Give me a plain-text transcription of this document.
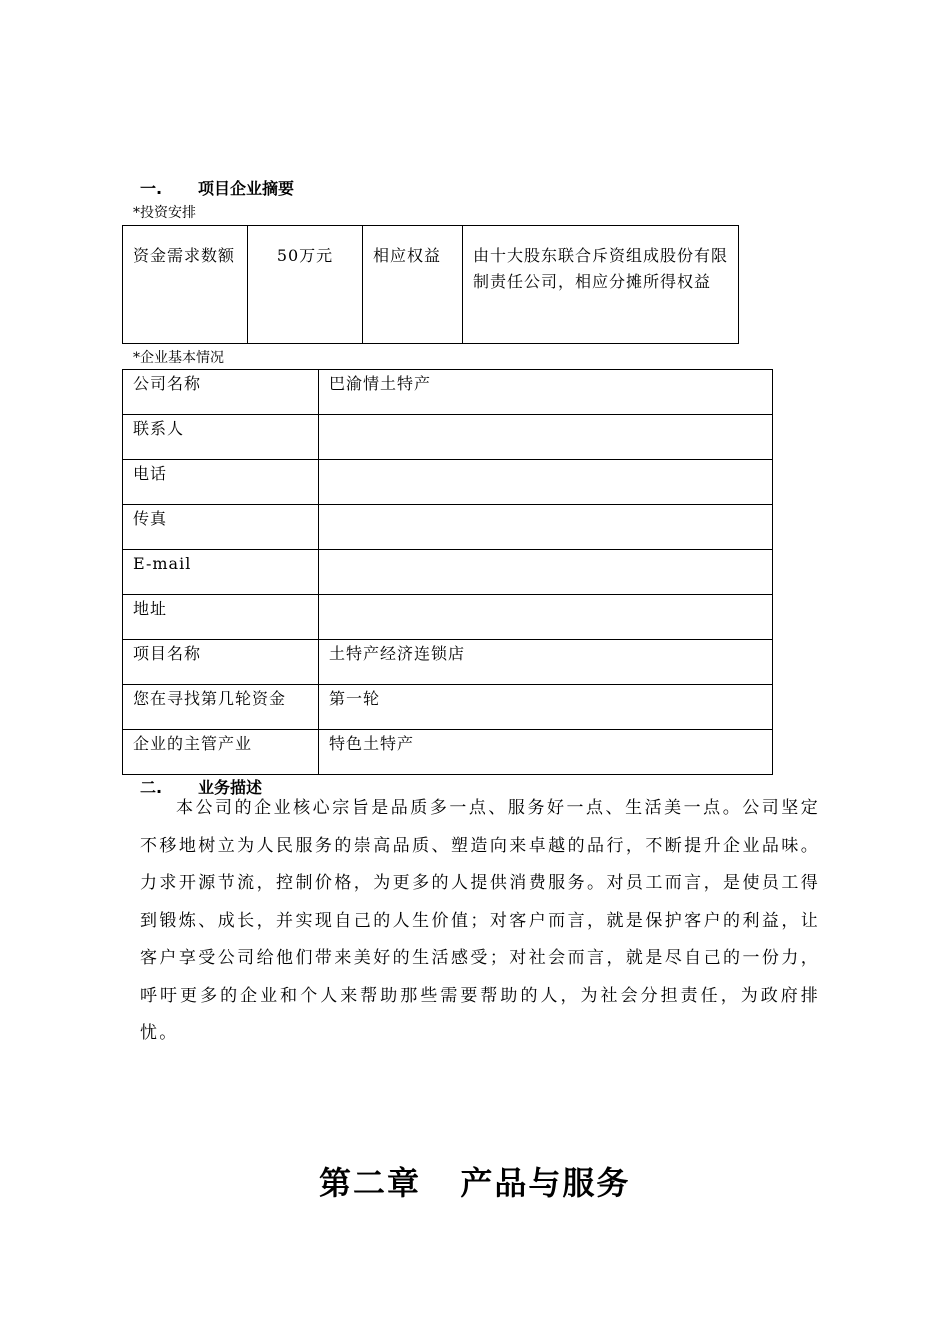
一. 项目企业摘要
*投资安排
资金需求数额	50万元	相应权益	由十大股东联合斥资组成股份有限制责任公司，相应分摊所得权益
*企业基本情况
公司名称	巴渝情土特产
联系人	
电话	
传真	
E-mail	
地址	
项目名称	土特产经济连锁店
您在寻找第几轮资金	第一轮
企业的主管产业	特色土特产
二. 业务描述

本公司的企业核心宗旨是品质多一点、服务好一点、生活美一点。公司坚定不移地树立为人民服务的崇高品质、塑造向来卓越的品行，不断提升企业品味。力求开源节流，控制价格，为更多的人提供消费服务。对员工而言，是使员工得到锻炼、成长，并实现自己的人生价值；对客户而言，就是保护客户的利益，让客户享受公司给他们带来美好的生活感受；对社会而言，就是尽自己的一份力，呼吁更多的企业和个人来帮助那些需要帮助的人，为社会分担责任，为政府排忧。

第二章   产品与服务
